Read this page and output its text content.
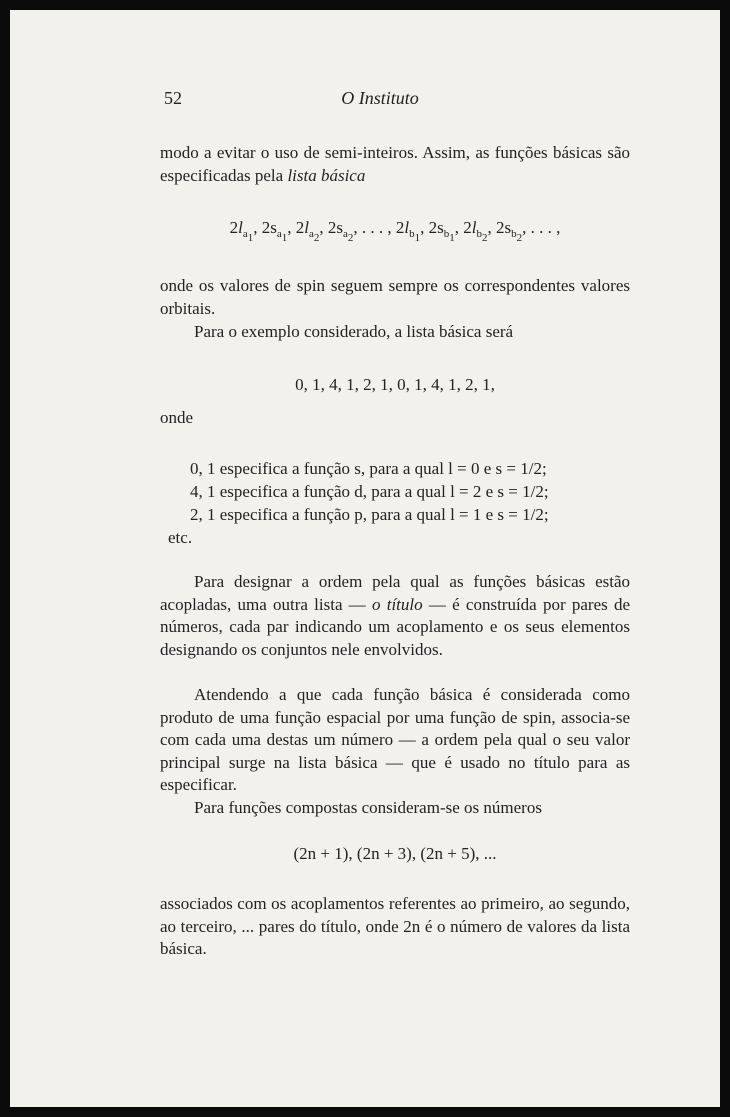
52	O Instituto

modo a evitar o uso de semi-inteiros. Assim, as funções básicas são especificadas pela lista básica

$2l_{a_1}$, $2s_{a_1}$, $2l_{a_2}$, $2s_{a_2}$, . . . , $2l_{b_1}$, $2s_{b_1}$, $2l_{b_2}$, $2s_{b_2}$, . . . ,

onde os valores de spin seguem sempre os correspondentes valores orbitais.

Para o exemplo considerado, a lista básica será

0, 1, 4, 1, 2, 1, 0, 1, 4, 1, 2, 1,

onde

0, 1 especifica a função s, para a qual l = 0 e s = 1/2;
4, 1 especifica a função d, para a qual l = 2 e s = 1/2;
2, 1 especifica a função p, para a qual l = 1 e s = 1/2;
etc.

Para designar a ordem pela qual as funções básicas estão acopladas, uma outra lista — o título — é construída por pares de números, cada par indicando um acoplamento e os seus elementos designando os conjuntos nele envolvidos.

Atendendo a que cada função básica é considerada como produto de uma função espacial por uma função de spin, associa-se com cada uma destas um número — a ordem pela qual o seu valor principal surge na lista básica — que é usado no título para as especificar.

Para funções compostas consideram-se os números

(2n + 1), (2n + 3), (2n + 5), ...

associados com os acoplamentos referentes ao primeiro, ao segundo, ao terceiro, ... pares do título, onde 2n é o número de valores da lista básica.
